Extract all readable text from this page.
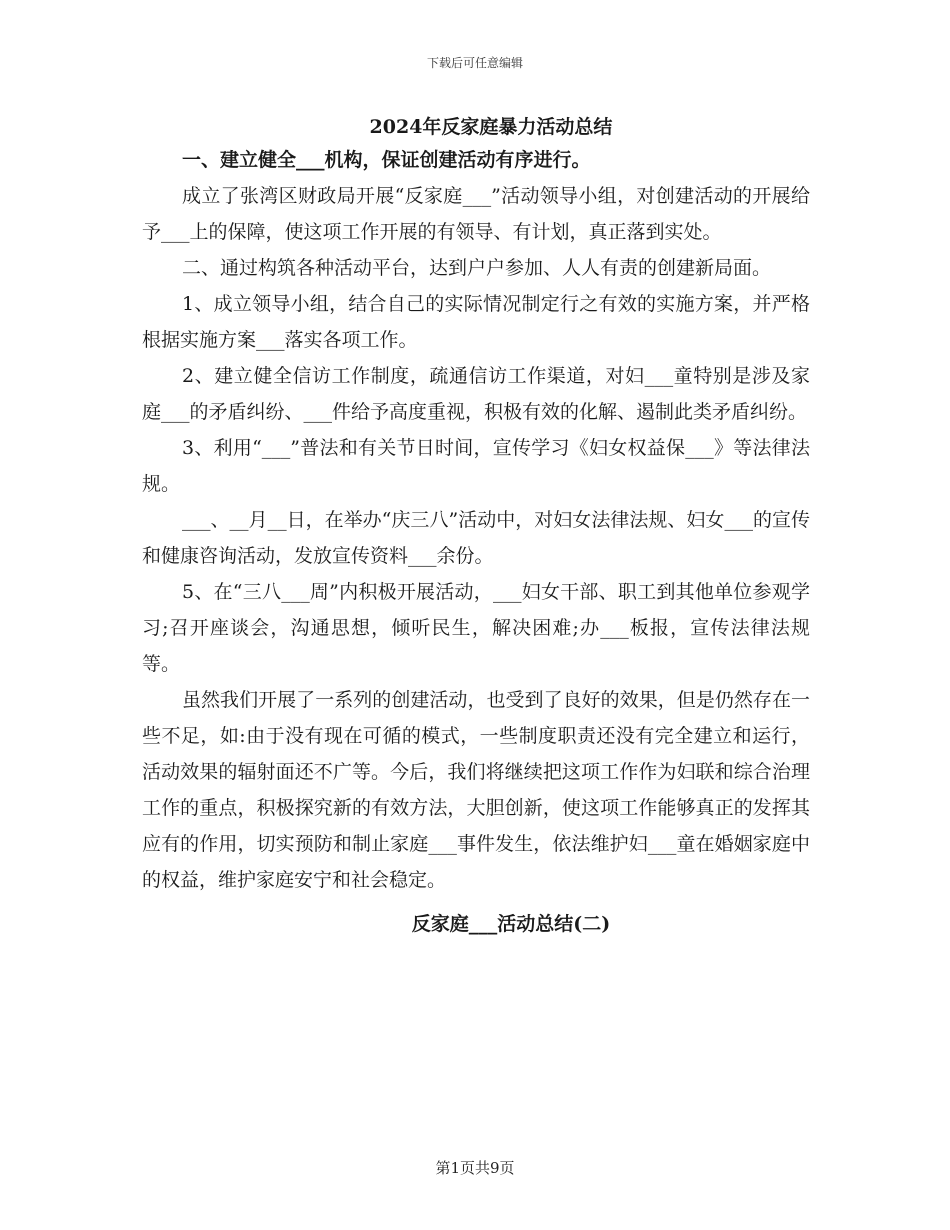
下载后可任意编辑
2024年反家庭暴力活动总结

一、建立健全___机构，保证创建活动有序进行。

成立了张湾区财政局开展“反家庭___”活动领导小组，对创建活动的开展给予___上的保障，使这项工作开展的有领导、有计划，真正落到实处。

二、通过构筑各种活动平台，达到户户参加、人人有责的创建新局面。

1、成立领导小组，结合自己的实际情况制定行之有效的实施方案，并严格根据实施方案___落实各项工作。

2、建立健全信访工作制度，疏通信访工作渠道，对妇___童特别是涉及家庭___的矛盾纠纷、___件给予高度重视，积极有效的化解、遏制此类矛盾纠纷。

3、利用“___”普法和有关节日时间，宣传学习《妇女权益保___》等法律法规。

___、__月__日，在举办“庆三八”活动中，对妇女法律法规、妇女___的宣传和健康咨询活动，发放宣传资料___余份。

5、在“三八___周”内积极开展活动，___妇女干部、职工到其他单位参观学习;召开座谈会，沟通思想，倾听民生，解决困难;办___板报，宣传法律法规等。

虽然我们开展了一系列的创建活动，也受到了良好的效果，但是仍然存在一些不足，如:由于没有现在可循的模式，一些制度职责还没有完全建立和运行，活动效果的辐射面还不广等。今后，我们将继续把这项工作作为妇联和综合治理工作的重点，积极探究新的有效方法，大胆创新，使这项工作能够真正的发挥其应有的作用，切实预防和制止家庭___事件发生，依法维护妇___童在婚姻家庭中的权益，维护家庭安宁和社会稳定。

反家庭___活动总结(二)
第1页共9页
